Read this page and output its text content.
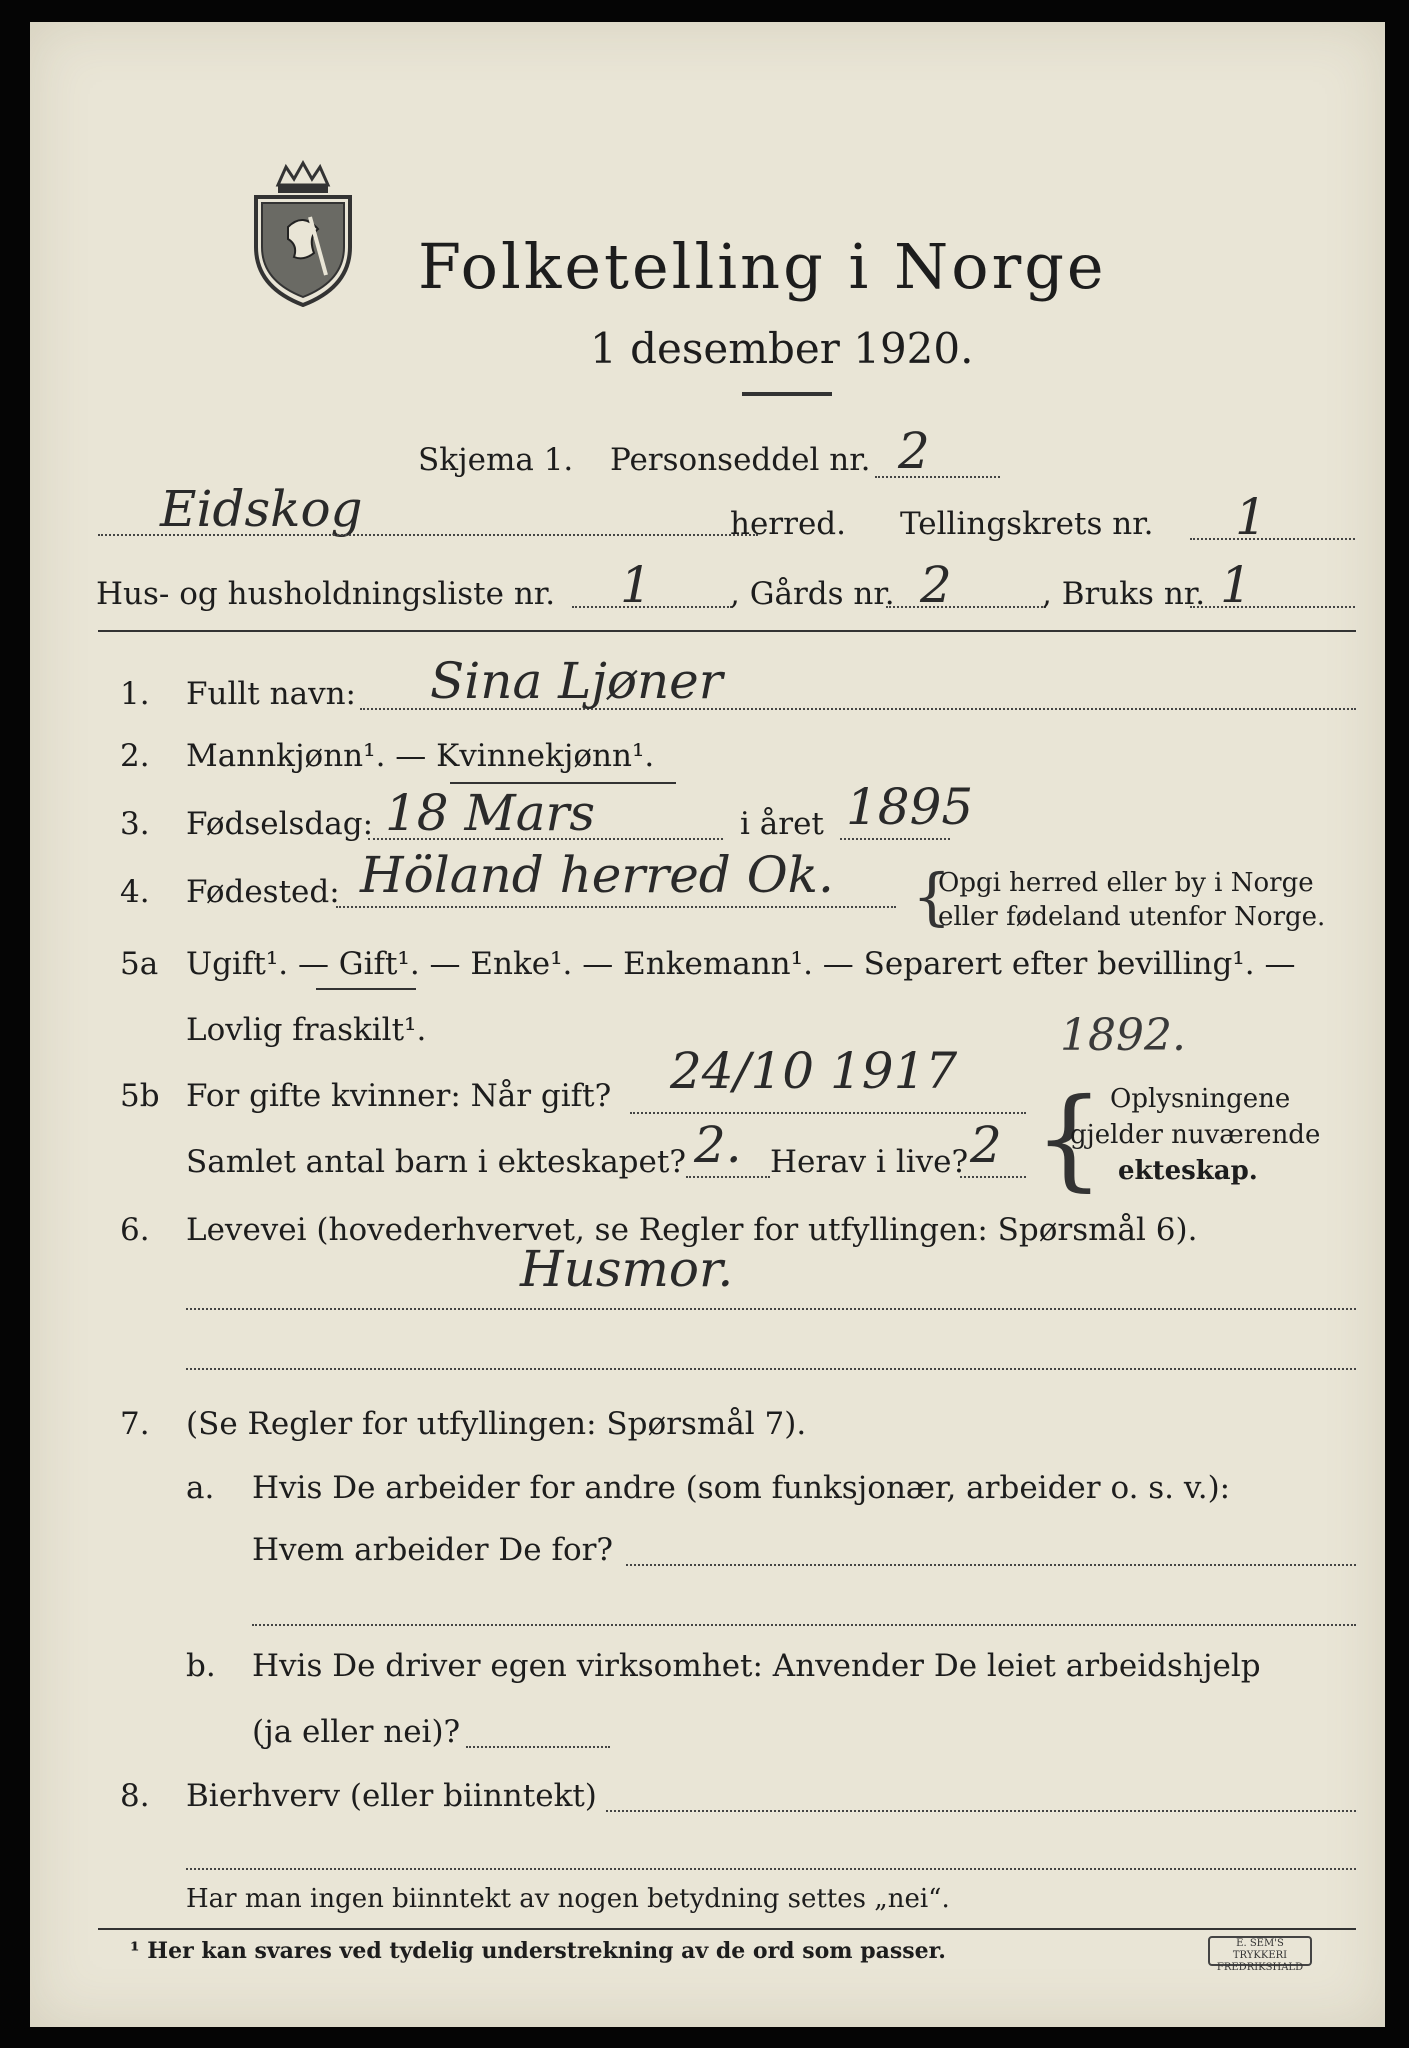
Folketelling i Norge
1 desember 1920.
Skjema 1. Personseddel nr. 2
Eidskog	herred. Tellingskrets nr. 1
Hus- og husholdningsliste nr. 1	, Gårds nr. 2	, Bruks nr. 1
1. Fullt navn: Sina Ljøner
2. Mannkjønn¹. — Kvinnekjønn¹.
3. Fødselsdag: 18 Mars	i året 1895
4. Fødested: Höland herred Ok. {
Opgi herred eller by i Norge
eller fødeland utenfor Norge.
5a Ugift¹. — Gift¹. — Enke¹. — Enkemann¹. — Separert efter bevilling¹. —
Lovlig fraskilt¹.
5b For gifte kvinner: Når gift? 24/10 1917
1892.
Samlet antal barn i ekteskapet? 2. Herav i live? 2 { Oplysningene
gjelder nuværende
ekteskap.
6. Levevei (hovederhvervet, se Regler for utfyllingen: Spørsmål 6).
Husmor.
7. (Se Regler for utfyllingen: Spørsmål 7).
a. Hvis De arbeider for andre (som funksjonær, arbeider o. s. v.):
Hvem arbeider De for?
b. Hvis De driver egen virksomhet: Anvender De leiet arbeidshjelp
(ja eller nei)?
8. Bierhverv (eller biinntekt)
Har man ingen biinntekt av nogen betydning settes „nei“.
¹ Her kan svares ved tydelig understrekning av de ord som passer.	E. SEM'S TRYKKERI FREDRIKSHALD
